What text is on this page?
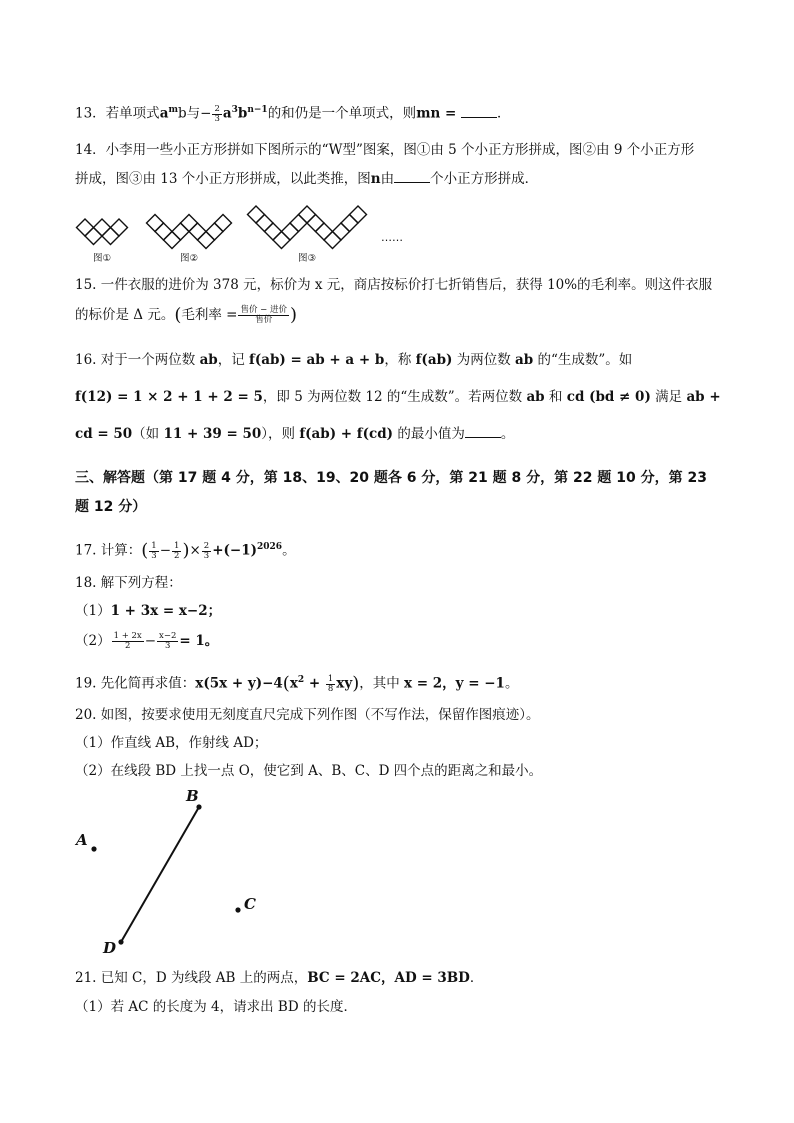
13．若单项式$a^mb$与− $\frac{2}{3} a^3b^{n-1}$的和仍是一个单项式，则mn =	．
14．小李用一些小正方形拼如下图所示的“W型”图案，图①由 5 个小正方形拼成，图②由 9 个小正方形
拼成，图③由 13 个小正方形拼成，以此类推，图n由	个小正方形拼成．
图①	图②	图③
……
15. 一件衣服的进价为 378 元，标价为 x 元，商店按标价打七折销售后，获得 10%的毛利率。则这件衣服
的标价是 Δ 元。(毛利率 = $\frac{\text{售价 − 进价}}{\text{售价}}$ )
16. 对于一个两位数 ab，记 f(ab) = ab + a + b，称 f(ab) 为两位数 ab 的“生成数”。如
f(12) = 1 × 2 + 1 + 2 = 5，即 5 为两位数 12 的“生成数”。若两位数 ab 和 cd (bd ≠ 0) 满足 ab +
cd = 50（如 11 + 39 = 50），则 f(ab) + f(cd) 的最小值为	。
三、解答题（第 17 题 4 分，第 18、19、20 题各 6 分，第 21 题 8 分，第 22 题 10 分，第 23
题 12 分）
17. 计算：( $\frac{1}{3} - \frac{1}{2}$ )× $\frac{2}{3} +(-1)^{2026}$。
18. 解下列方程：
（1）1 + 3x = x−2；
$(2) \frac{1 + 2x}{2} - \frac{x-2}{3} = 1$。
19. 先化简再求值：$x(5x + y)-4(x^2 + \frac{1}{8} xy)$，其中 x = 2，y = −1。
20. 如图，按要求使用无刻度直尺完成下列作图（不写作法，保留作图痕迹）。
（1）作直线 AB，作射线 AD；
（2）在线段 BD 上找一点 O，使它到 A、B、C、D 四个点的距离之和最小。
A
B
C
D
21. 已知 C，D 为线段 AB 上的两点，BC = 2AC，AD = 3BD．
（1）若 AC 的长度为 4，请求出 BD 的长度．
